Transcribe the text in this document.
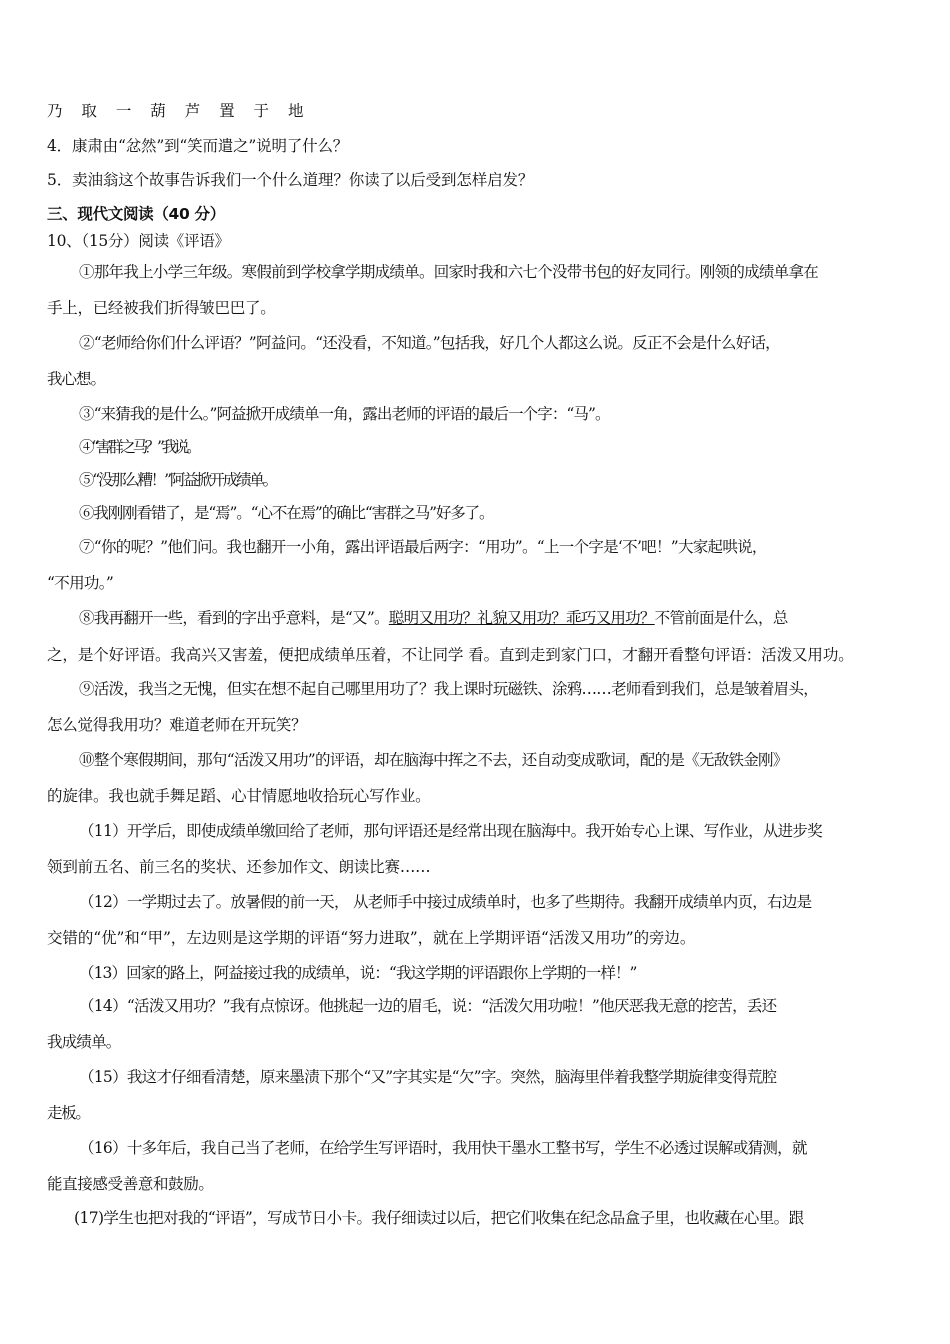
乃 取 一 葫 芦 置 于 地
4．康肃由“忿然”到“笑而遣之”说明了什么？
5．卖油翁这个故事告诉我们一个什么道理？你读了以后受到怎样启发？
三、现代文阅读（40 分）
10、（15分）阅读《评语》
①那年我上小学三年级。寒假前到学校拿学期成绩单。回家时我和六七个没带书包的好友同行。刚领的成绩单拿在
手上，已经被我们折得皱巴巴了。
②“老师给你们什么评语？”阿益问。“还没看，不知道。”包括我，好几个人都这么说。反正不会是什么好话，
我心想。
③“来猜我的是什么。”阿益掀开成绩单一角，露出老师的评语的最后一个字：“马”。
④“害群之马？”我说。
⑤“没那么糟！”阿益掀开成绩单。
⑥我刚刚看错了，是“焉”。“心不在焉”的确比“害群之马”好多了。
⑦“你的呢？”他们问。我也翻开一小角，露出评语最后两字：“用功”。“上一个字是‘不’吧！”大家起哄说，
“不用功。”
⑧我再翻开一些，看到的字出乎意料，是“又”。聪明又用功？礼貌又用功？乖巧又用功？不管前面是什么，总
之，是个好评语。我高兴又害羞，便把成绩单压着，不让同学 看。直到走到家门口，才翻开看整句评语：活泼又用功。
⑨活泼，我当之无愧，但实在想不起自己哪里用功了？我上课时玩磁铁、涂鸦……老师看到我们，总是皱着眉头，
怎么觉得我用功？难道老师在开玩笑？
⑩整个寒假期间，那句“活泼又用功”的评语，却在脑海中挥之不去，还自动变成歌词，配的是《无敌铁金刚》
的旋律。我也就手舞足蹈、心甘情愿地收拾玩心写作业。
（11）开学后，即使成绩单缴回给了老师，那句评语还是经常出现在脑海中。我开始专心上课、写作业，从进步奖
领到前五名、前三名的奖状、还参加作文、朗读比赛……
（12）一学期过去了。放暑假的前一天， 从老师手中接过成绩单时，也多了些期待。我翻开成绩单内页，右边是
交错的“优”和“甲”，左边则是这学期的评语“努力进取”，就在上学期评语“活泼又用功”的旁边。
（13）回家的路上，阿益接过我的成绩单，说：“我这学期的评语跟你上学期的一样！”
（14）“活泼又用功？”我有点惊讶。他挑起一边的眉毛，说：“活泼欠用功啦！”他厌恶我无意的挖苦，丢还
我成绩单。
（15）我这才仔细看清楚，原来墨渍下那个“又”字其实是“欠”字。突然，脑海里伴着我整学期旋律变得荒腔
走板。
（16）十多年后，我自己当了老师，在给学生写评语时，我用快干墨水工整书写，学生不必透过误解或猜测，就
能直接感受善意和鼓励。
(17)学生也把对我的“评语”，写成节日小卡。我仔细读过以后，把它们收集在纪念品盒子里，也收藏在心里。跟
